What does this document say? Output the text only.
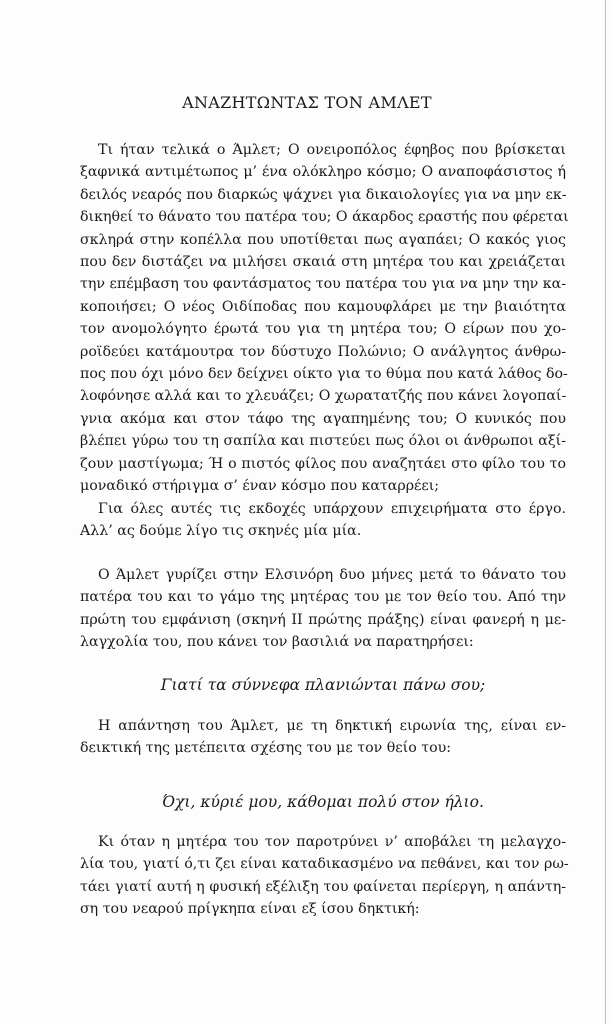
ΑΝΑΖΗΤΩΝΤΑΣ ΤΟΝ ΑΜΛΕΤ
Τι ήταν τελικά ο Άμλετ; Ο ονειροπόλος έφηβος που βρίσκεται
ξαφνικά αντιμέτωπος μ’ ένα ολόκληρο κόσμο; Ο αναποφάσιστος ή
δειλός νεαρός που διαρκώς ψάχνει για δικαιολογίες για να μην εκ-
δικηθεί το θάνατο του πατέρα του; Ο άκαρδος εραστής που φέρεται
σκληρά στην κοπέλλα που υποτίθεται πως αγαπάει; Ο κακός γιος
που δεν διστάζει να μιλήσει σκαιά στη μητέρα του και χρειάζεται
την επέμβαση του φαντάσματος του πατέρα του για να μην την κα-
κοποιήσει; Ο νέος Οιδίποδας που καμουφλάρει με την βιαιότητα
τον ανομολόγητο έρωτά του για τη μητέρα του; Ο είρων που χο-
ροϊδεύει κατάμουτρα τον δύστυχο Πολώνιο; Ο ανάλγητος άνθρω-
πος που όχι μόνο δεν δείχνει οίκτο για το θύμα που κατά λάθος δο-
λοφόνησε αλλά και το χλευάζει; Ο χωρατατζής που κάνει λογοπαί-
γνια ακόμα και στον τάφο της αγαπημένης του; Ο κυνικός που
βλέπει γύρω του τη σαπίλα και πιστεύει πως όλοι οι άνθρωποι αξί-
ζουν μαστίγωμα; Ή ο πιστός φίλος που αναζητάει στο φίλο του το
μοναδικό στήριγμα σ’ έναν κόσμο που καταρρέει;
Για όλες αυτές τις εκδοχές υπάρχουν επιχειρήματα στο έργο.
Αλλ’ ας δούμε λίγο τις σκηνές μία μία.
Ο Άμλετ γυρίζει στην Ελσινόρη δυο μήνες μετά το θάνατο του
πατέρα του και το γάμο της μητέρας του με τον θείο του. Από την
πρώτη του εμφάνιση (σκηνή ΙΙ πρώτης πράξης) είναι φανερή η με-
λαγχολία του, που κάνει τον βασιλιά να παρατηρήσει:
Γιατί τα σύννεφα πλανιώνται πάνω σου;
Η απάντηση του Άμλετ, με τη δηκτική ειρωνία της, είναι εν-
δεικτική της μετέπειτα σχέσης του με τον θείο του:
Όχι, κύριέ μου, κάθομαι πολύ στον ήλιο.
Κι όταν η μητέρα του τον παροτρύνει ν’ αποβάλει τη μελαγχο-
λία του, γιατί ό,τι ζει είναι καταδικασμένο να πεθάνει, και τον ρω-
τάει γιατί αυτή η φυσική εξέλιξη του φαίνεται περίεργη, η απάντη-
ση του νεαρού πρίγκηπα είναι εξ ίσου δηκτική:
